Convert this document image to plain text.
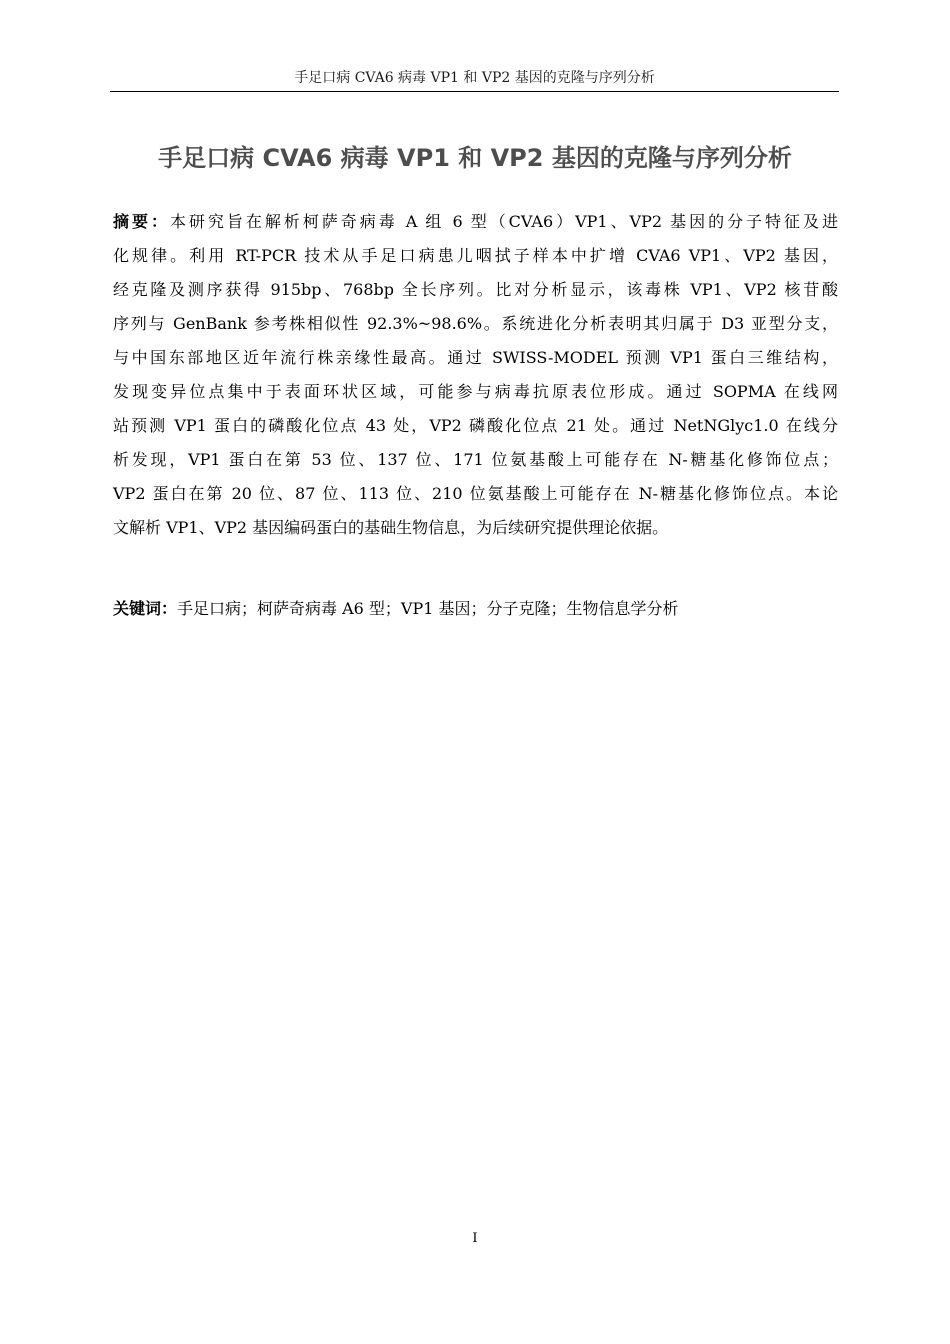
手足口病 CVA6 病毒 VP1 和 VP2 基因的克隆与序列分析
手足口病 CVA6 病毒 VP1 和 VP2 基因的克隆与序列分析
摘要：本研究旨在解析柯萨奇病毒 A 组 6 型（CVA6）VP1、VP2 基因的分子特征及进
化规律。利用 RT-PCR 技术从手足口病患儿咽拭子样本中扩增 CVA6 VP1、VP2 基因，
经克隆及测序获得 915bp、768bp 全长序列。比对分析显示，该毒株 VP1、VP2 核苷酸
序列与 GenBank 参考株相似性 92.3%~98.6%。系统进化分析表明其归属于 D3 亚型分支，
与中国东部地区近年流行株亲缘性最高。通过 SWISS-MODEL 预测 VP1 蛋白三维结构，
发现变异位点集中于表面环状区域，可能参与病毒抗原表位形成。通过 SOPMA 在线网
站预测 VP1 蛋白的磷酸化位点 43 处，VP2 磷酸化位点 21 处。通过 NetNGlyc1.0 在线分
析发现，VP1 蛋白在第 53 位、137 位、171 位氨基酸上可能存在 N-糖基化修饰位点；
VP2 蛋白在第 20 位、87 位、113 位、210 位氨基酸上可能存在 N-糖基化修饰位点。本论
文解析 VP1、VP2 基因编码蛋白的基础生物信息，为后续研究提供理论依据。
关键词：手足口病；柯萨奇病毒 A6 型；VP1 基因；分子克隆；生物信息学分析
I
